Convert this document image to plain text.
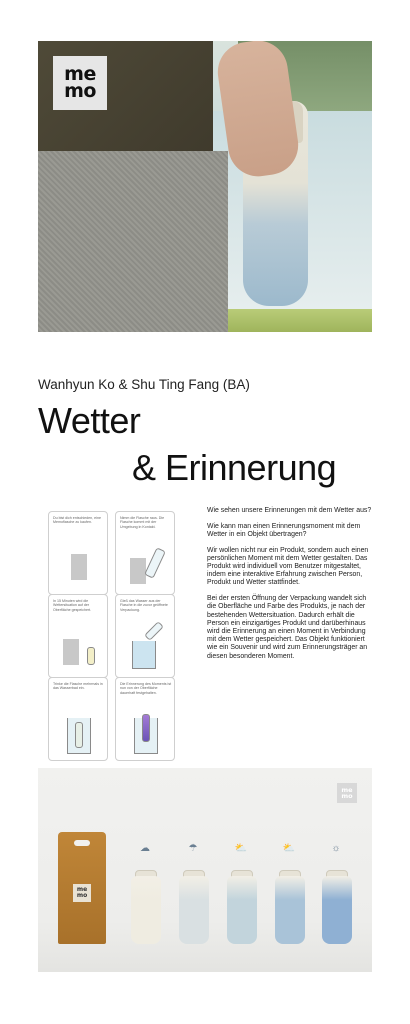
me
mo
Wanhyun Ko & Shu Ting Fang (BA)
Wetter
& Erinnerung
Du bist dich entschieden, eine Memoflasche zu kaufen.
Nimm die Flasche raus. Die Flasche kommt mit der Umgebung in Kontakt.
In 15 Minuten wird die Wettersituation auf der Oberfläche gespeichert.
Gieß das Wasser aus der Flasche in die zuvor geöffnete Verpackung.
Trinke die Flasche mehrmals in das Wasserbad ein.
Die Erinnerung des Moments ist nun von der Oberfläche dauerhaft festgehalten.

Wie sehen unsere Erinnerungen mit dem Wetter aus?

Wie kann man einen Erinnerungsmoment mit dem Wetter in ein Objekt übertragen?

Wir wollen nicht nur ein Produkt, sondern auch einen persönlichen Moment mit dem Wetter gestalten. Das Produkt wird individuell vom Benutzer mitgestaltet, indem eine interaktive Erfahrung zwischen Person, Produkt und Wetter stattfindet.

Bei der ersten Öffnung der Verpackung wandelt sich die Oberfläche und Farbe des Produkts, je nach der bestehenden Wettersituation. Dadurch erhält die Person ein einzigartiges Produkt und darüberhinaus wird die Erinnerung an einen Moment in Verbindung mit dem Wetter gespeichert. Das Objekt funktioniert wie ein Souvenir und wird zum Erinnerungsträger an diesen besonderen Moment.

me
mo
me
mo
☁	☂	⛅	⛅	☼
